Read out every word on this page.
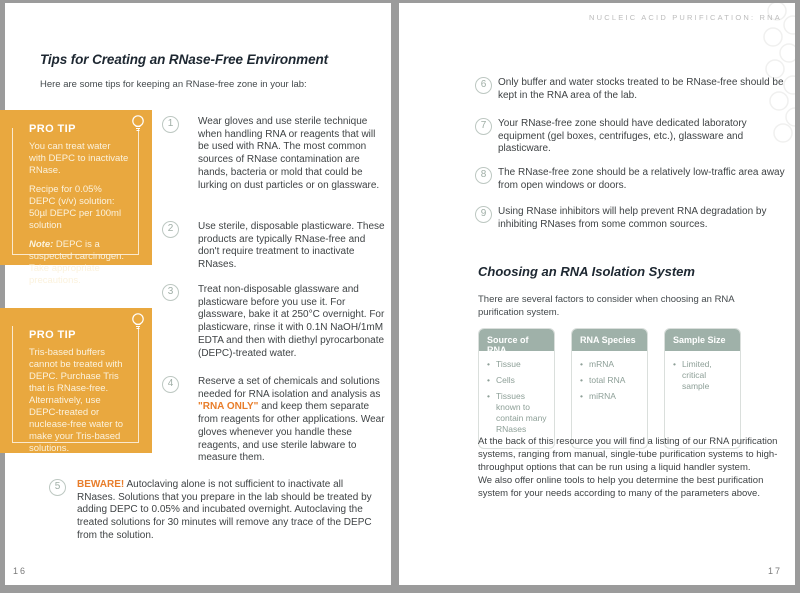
Tips for Creating an RNase-Free Environment

Here are some tips for keeping an RNase-free zone in your lab:

PRO TIP

You can treat water with DEPC to inactivate RNase.

Recipe for 0.05% DEPC (v/v) solution: 50µl DEPC per 100ml solution

Note: DEPC is a suspected carcinogen. Take appropriate precautions.

PRO TIP

Tris-based buffers cannot be treated with DEPC. Purchase Tris that is RNase-free. Alternatively, use DEPC-treated or nuclease-free water to make your Tris-based solutions.

1	Wear gloves and use sterile technique when handling RNA or reagents that will be used with RNA. The most common sources of RNase contamination are hands, bacteria or mold that could be lurking on dust particles or on glassware.
2	Use sterile, disposable plasticware. These products are typically RNase-free and don't require treatment to inactivate RNases.
3	Treat non-disposable glassware and plasticware before you use it. For glassware, bake it at 250°C overnight. For plasticware, rinse it with 0.1N NaOH/1mM EDTA and then with diethyl pyrocarbonate (DEPC)-treated water.
4	Reserve a set of chemicals and solutions needed for RNA isolation and analysis as "RNA ONLY" and keep them separate from reagents for other applications. Wear gloves whenever you handle these reagents, and use sterile labware to measure them.
5	BEWARE! Autoclaving alone is not sufficient to inactivate all RNases. Solutions that you prepare in the lab should be treated by adding DEPC to 0.05% and incubated overnight. Autoclaving the treated solutions for 30 minutes will remove any trace of the DEPC from the solution.
16
NUCLEIC ACID PURIFICATION: RNA
6	Only buffer and water stocks treated to be RNase-free should be kept in the RNA area of the lab.
7	Your RNase-free zone should have dedicated laboratory equipment (gel boxes, centrifuges, etc.), glassware and plasticware.
8	The RNase-free zone should be a relatively low-traffic area away from open windows or doors.
9	Using RNase inhibitors will help prevent RNA degradation by inhibiting RNases from some common sources.
Choosing an RNA Isolation System

There are several factors to consider when choosing an RNA purification system.

Source of RNA
• Tissue
• Cells
• Tissues known to contain many RNases
RNA Species
• mRNA
• total RNA
• miRNA
Sample Size
• Limited, critical sample

At the back of this resource you will find a listing of our RNA purification systems, ranging from manual, single-tube purification systems to high-throughput options that can be run using a liquid handler system.

We also offer online tools to help you determine the best purification system for your needs according to many of the parameters above.

17
